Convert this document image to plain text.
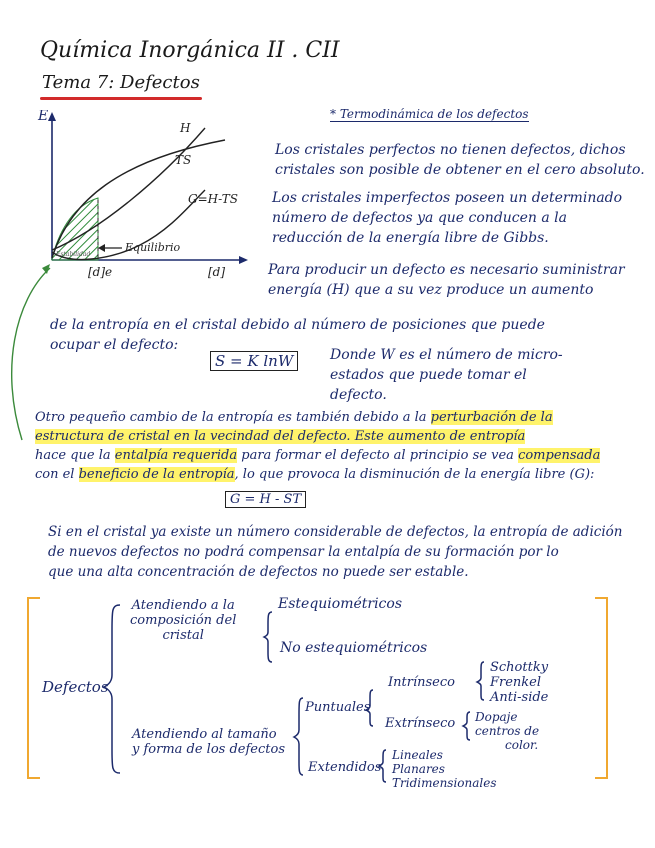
Química Inorgánica II . CII
Tema 7: Defectos
E
H
TS
G=H-TS
Equilibrio
Estabilidad
[d]e	[d]
* Termodinámica de los defectos
Los cristales perfectos no tienen defectos, dichos
cristales son posible de obtener en el cero absoluto.
Los cristales imperfectos poseen un determinado
número de defectos ya que conducen a la
reducción de la energía libre de Gibbs.
Para producir un defecto es necesario suministrar
energía (H) que a su vez produce un aumento
de la entropía en el cristal debido al número de posiciones que puede
ocupar el defecto:
S = K lnW	Donde W es el número de micro-
estados que puede tomar el
defecto.
Otro pequeño cambio de la entropía es también debido a la perturbación de la
estructura de cristal en la vecindad del defecto. Este aumento de entropía
hace que la entalpía requerida para formar el defecto al principio se vea compensada
con el beneficio de la entropía, lo que provoca la disminución de la energía libre (G):
G = H - ST
Si en el cristal ya existe un número considerable de defectos, la entropía de adición
de nuevos defectos no podrá compensar la entalpía de su formación por lo
que una alta concentración de defectos no puede ser estable.
Defectos
Atendiendo a la
composición del
cristal
Estequiométricos
No estequiométricos
Atendiendo al tamaño
y forma de los defectos
Puntuales
Intrínseco
Schottky
Frenkel
Anti-side
Extrínseco Dopaje
centros de
color.
Extendidos
Lineales
Planares
Tridimensionales
